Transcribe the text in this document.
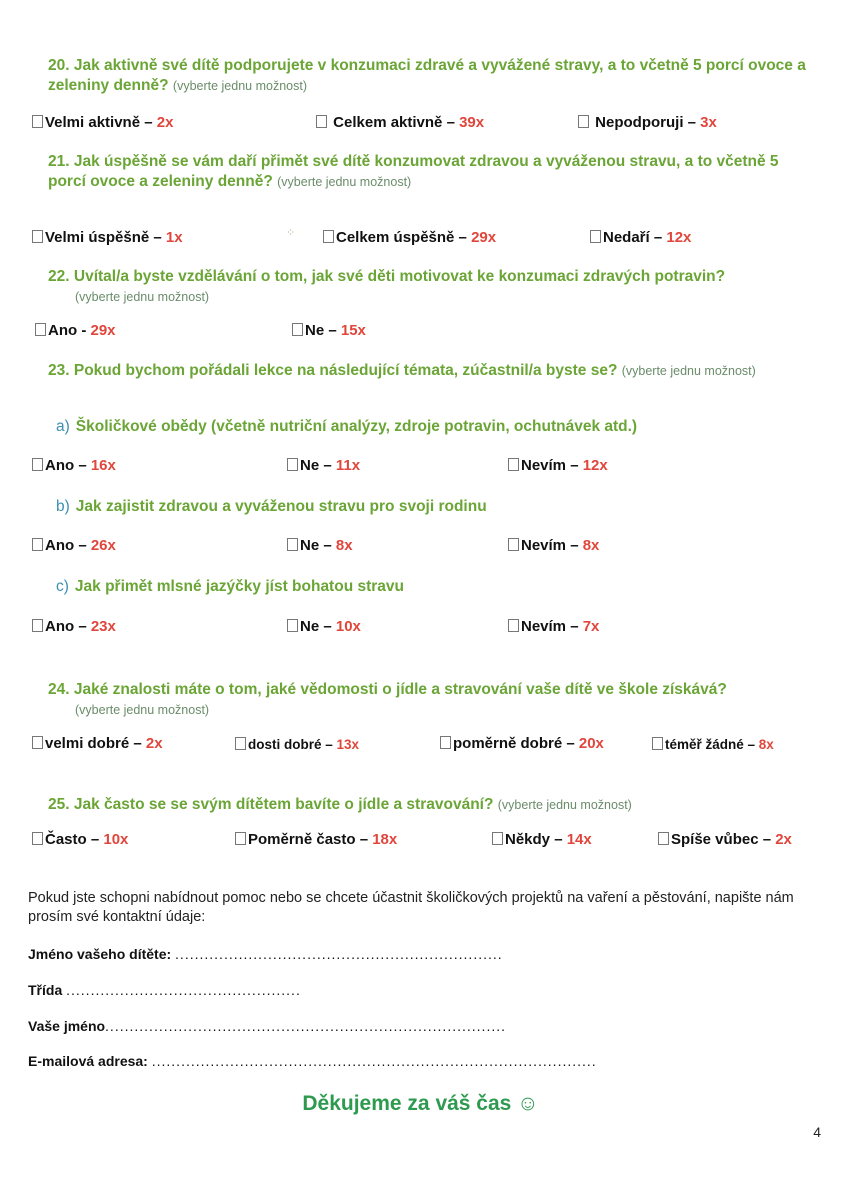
20. Jak aktivně své dítě podporujete v konzumaci zdravé a vyvážené stravy, a to včetně 5 porcí ovoce a zeleniny denně? (vyberte jednu možnost)
Velmi aktivně – 2x	Celkem aktivně – 39x	Nepodporuji – 3x
21. Jak úspěšně se vám daří přimět své dítě konzumovat zdravou a vyváženou stravu, a to včetně 5 porcí ovoce a zeleniny denně? (vyberte jednu možnost)
⁘
Velmi úspěšně – 1x	Celkem úspěšně – 29x	Nedaří – 12x
22. Uvítal/a byste vzdělávání o tom, jak své děti motivovat ke konzumaci zdravých potravin?
(vyberte jednu možnost)
Ano - 29x	Ne – 15x
23. Pokud bychom pořádali lekce na následující témata, zúčastnil/a byste se? (vyberte jednu možnost)
a) Školičkové obědy (včetně nutriční analýzy, zdroje potravin, ochutnávek atd.)
Ano – 16x	Ne – 11x	Nevím – 12x
b) Jak zajistit zdravou a vyváženou stravu pro svoji rodinu
Ano – 26x	Ne – 8x	Nevím – 8x
c) Jak přimět mlsné jazýčky jíst bohatou stravu
Ano – 23x	Ne – 10x	Nevím – 7x
24. Jaké znalosti máte o tom, jaké vědomosti o jídle a stravování vaše dítě ve škole získává?
(vyberte jednu možnost)
velmi dobré – 2x	dosti dobré – 13x	poměrně dobré – 20x	téměř žádné – 8x
25. Jak často se se svým dítětem bavíte o jídle a stravování? (vyberte jednu možnost)
Často – 10x	Poměrně často – 18x	Někdy – 14x	Spíše vůbec – 2x
Pokud jste schopni nabídnout pomoc nebo se chcete účastnit školičkových projektů na vaření a pěstování, napište nám prosím své kontaktní údaje:
Jméno vašeho dítěte: ...................................................................
Třída ................................................
Vaše jméno..................................................................................
E-mailová adresa: ...........................................................................................
Děkujeme za váš čas ☺
4
